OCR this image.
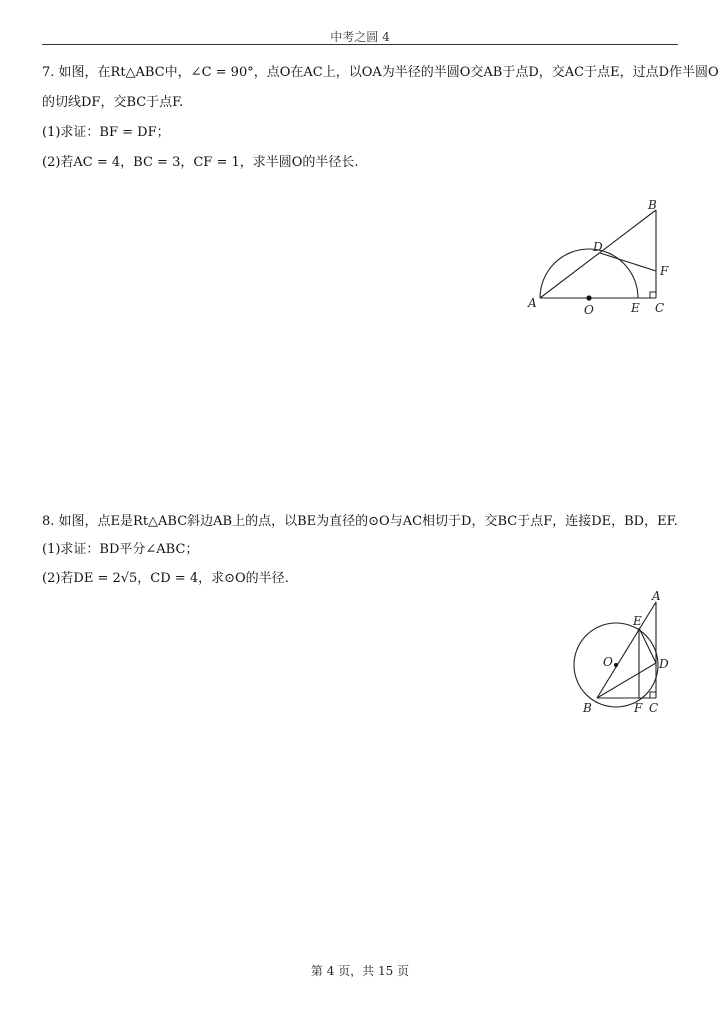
中考之圆 4
7. 如图，在Rt△ABC中，∠C = 90°，点O在AC上，以OA为半径的半圆O交AB于点D，交AC于点E，过点D作半圆O
的切线DF，交BC于点F.
(1)求证：BF = DF；
(2)若AC = 4，BC = 3，CF = 1，求半圆O的半径长.
A
B
C
D
E
F
O
8. 如图，点E是Rt△ABC斜边AB上的点，以BE为直径的⊙O与AC相切于D，交BC于点F，连接DE，BD，EF.
(1)求证：BD平分∠ABC；
(2)若DE = 2√5，CD = 4，求⊙O的半径.
A
B	C
D
E
F
O
第 4 页，共 15 页
